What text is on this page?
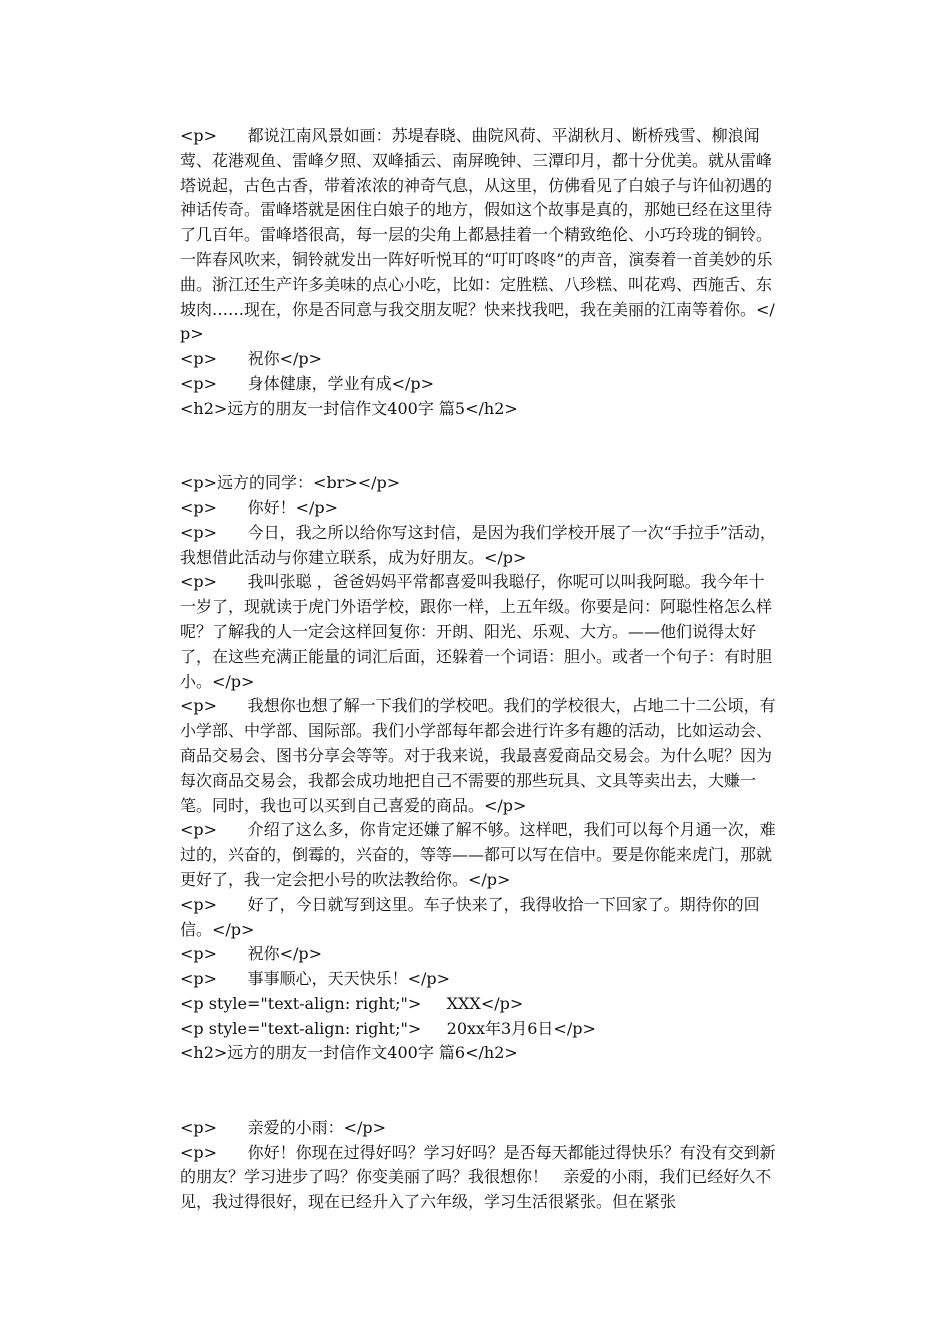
<p>      都说江南风景如画：苏堤春晓、曲院风荷、平湖秋月、断桥残雪、柳浪闻莺、花港观鱼、雷峰夕照、双峰插云、南屏晚钟、三潭印月，都十分优美。就从雷峰塔说起，古色古香，带着浓浓的神奇气息，从这里，仿佛看见了白娘子与许仙初遇的神话传奇。雷峰塔就是困住白娘子的地方，假如这个故事是真的，那她已经在这里待了几百年。雷峰塔很高，每一层的尖角上都悬挂着一个精致绝伦、小巧玲珑的铜铃。一阵春风吹来，铜铃就发出一阵好听悦耳的“叮叮咚咚”的声音，演奏着一首美妙的乐曲。浙江还生产许多美味的点心小吃，比如：定胜糕、八珍糕、叫花鸡、西施舌、东坡肉……现在，你是否同意与我交朋友呢？快来找我吧，我在美丽的江南等着你。</p>
<p>      祝你</p>
<p>      身体健康，学业有成</p>
<h2>远方的朋友一封信作文400字 篇5</h2>
<p>远方的同学：<br></p>
<p>      你好！</p>
<p>      今日，我之所以给你写这封信，是因为我们学校开展了一次“手拉手”活动，我想借此活动与你建立联系，成为好朋友。</p>
<p>      我叫张聪 ，爸爸妈妈平常都喜爱叫我聪仔，你呢可以叫我阿聪。我今年十一岁了，现就读于虎门外语学校，跟你一样，上五年级。你要是问：阿聪性格怎么样呢？了解我的人一定会这样回复你：开朗、阳光、乐观、大方。——他们说得太好了，在这些充满正能量的词汇后面，还躲着一个词语：胆小。或者一个句子：有时胆小。</p>
<p>      我想你也想了解一下我们的学校吧。我们的学校很大，占地二十二公顷，有小学部、中学部、国际部。我们小学部每年都会进行许多有趣的活动，比如运动会、商品交易会、图书分享会等等。对于我来说，我最喜爱商品交易会。为什么呢？因为每次商品交易会，我都会成功地把自己不需要的那些玩具、文具等卖出去，大赚一笔。同时，我也可以买到自己喜爱的商品。</p>
<p>      介绍了这么多，你肯定还嫌了解不够。这样吧，我们可以每个月通一次，难过的，兴奋的，倒霉的，兴奋的，等等——都可以写在信中。要是你能来虎门，那就更好了，我一定会把小号的吹法教给你。</p>
<p>      好了，今日就写到这里。车子快来了，我得收拾一下回家了。期待你的回信。</p>
<p>      祝你</p>
<p>      事事顺心，天天快乐！</p>
<p style="text-align: right;">     XXX</p>
<p style="text-align: right;">     20xx年3月6日</p>
<h2>远方的朋友一封信作文400字 篇6</h2>
<p>      亲爱的小雨：</p>
<p>      你好！你现在过得好吗？学习好吗？是否每天都能过得快乐？有没有交到新的朋友？学习进步了吗？你变美丽了吗？我很想你！   亲爱的小雨，我们已经好久不见，我过得很好，现在已经升入了六年级，学习生活很紧张。但在紧张
